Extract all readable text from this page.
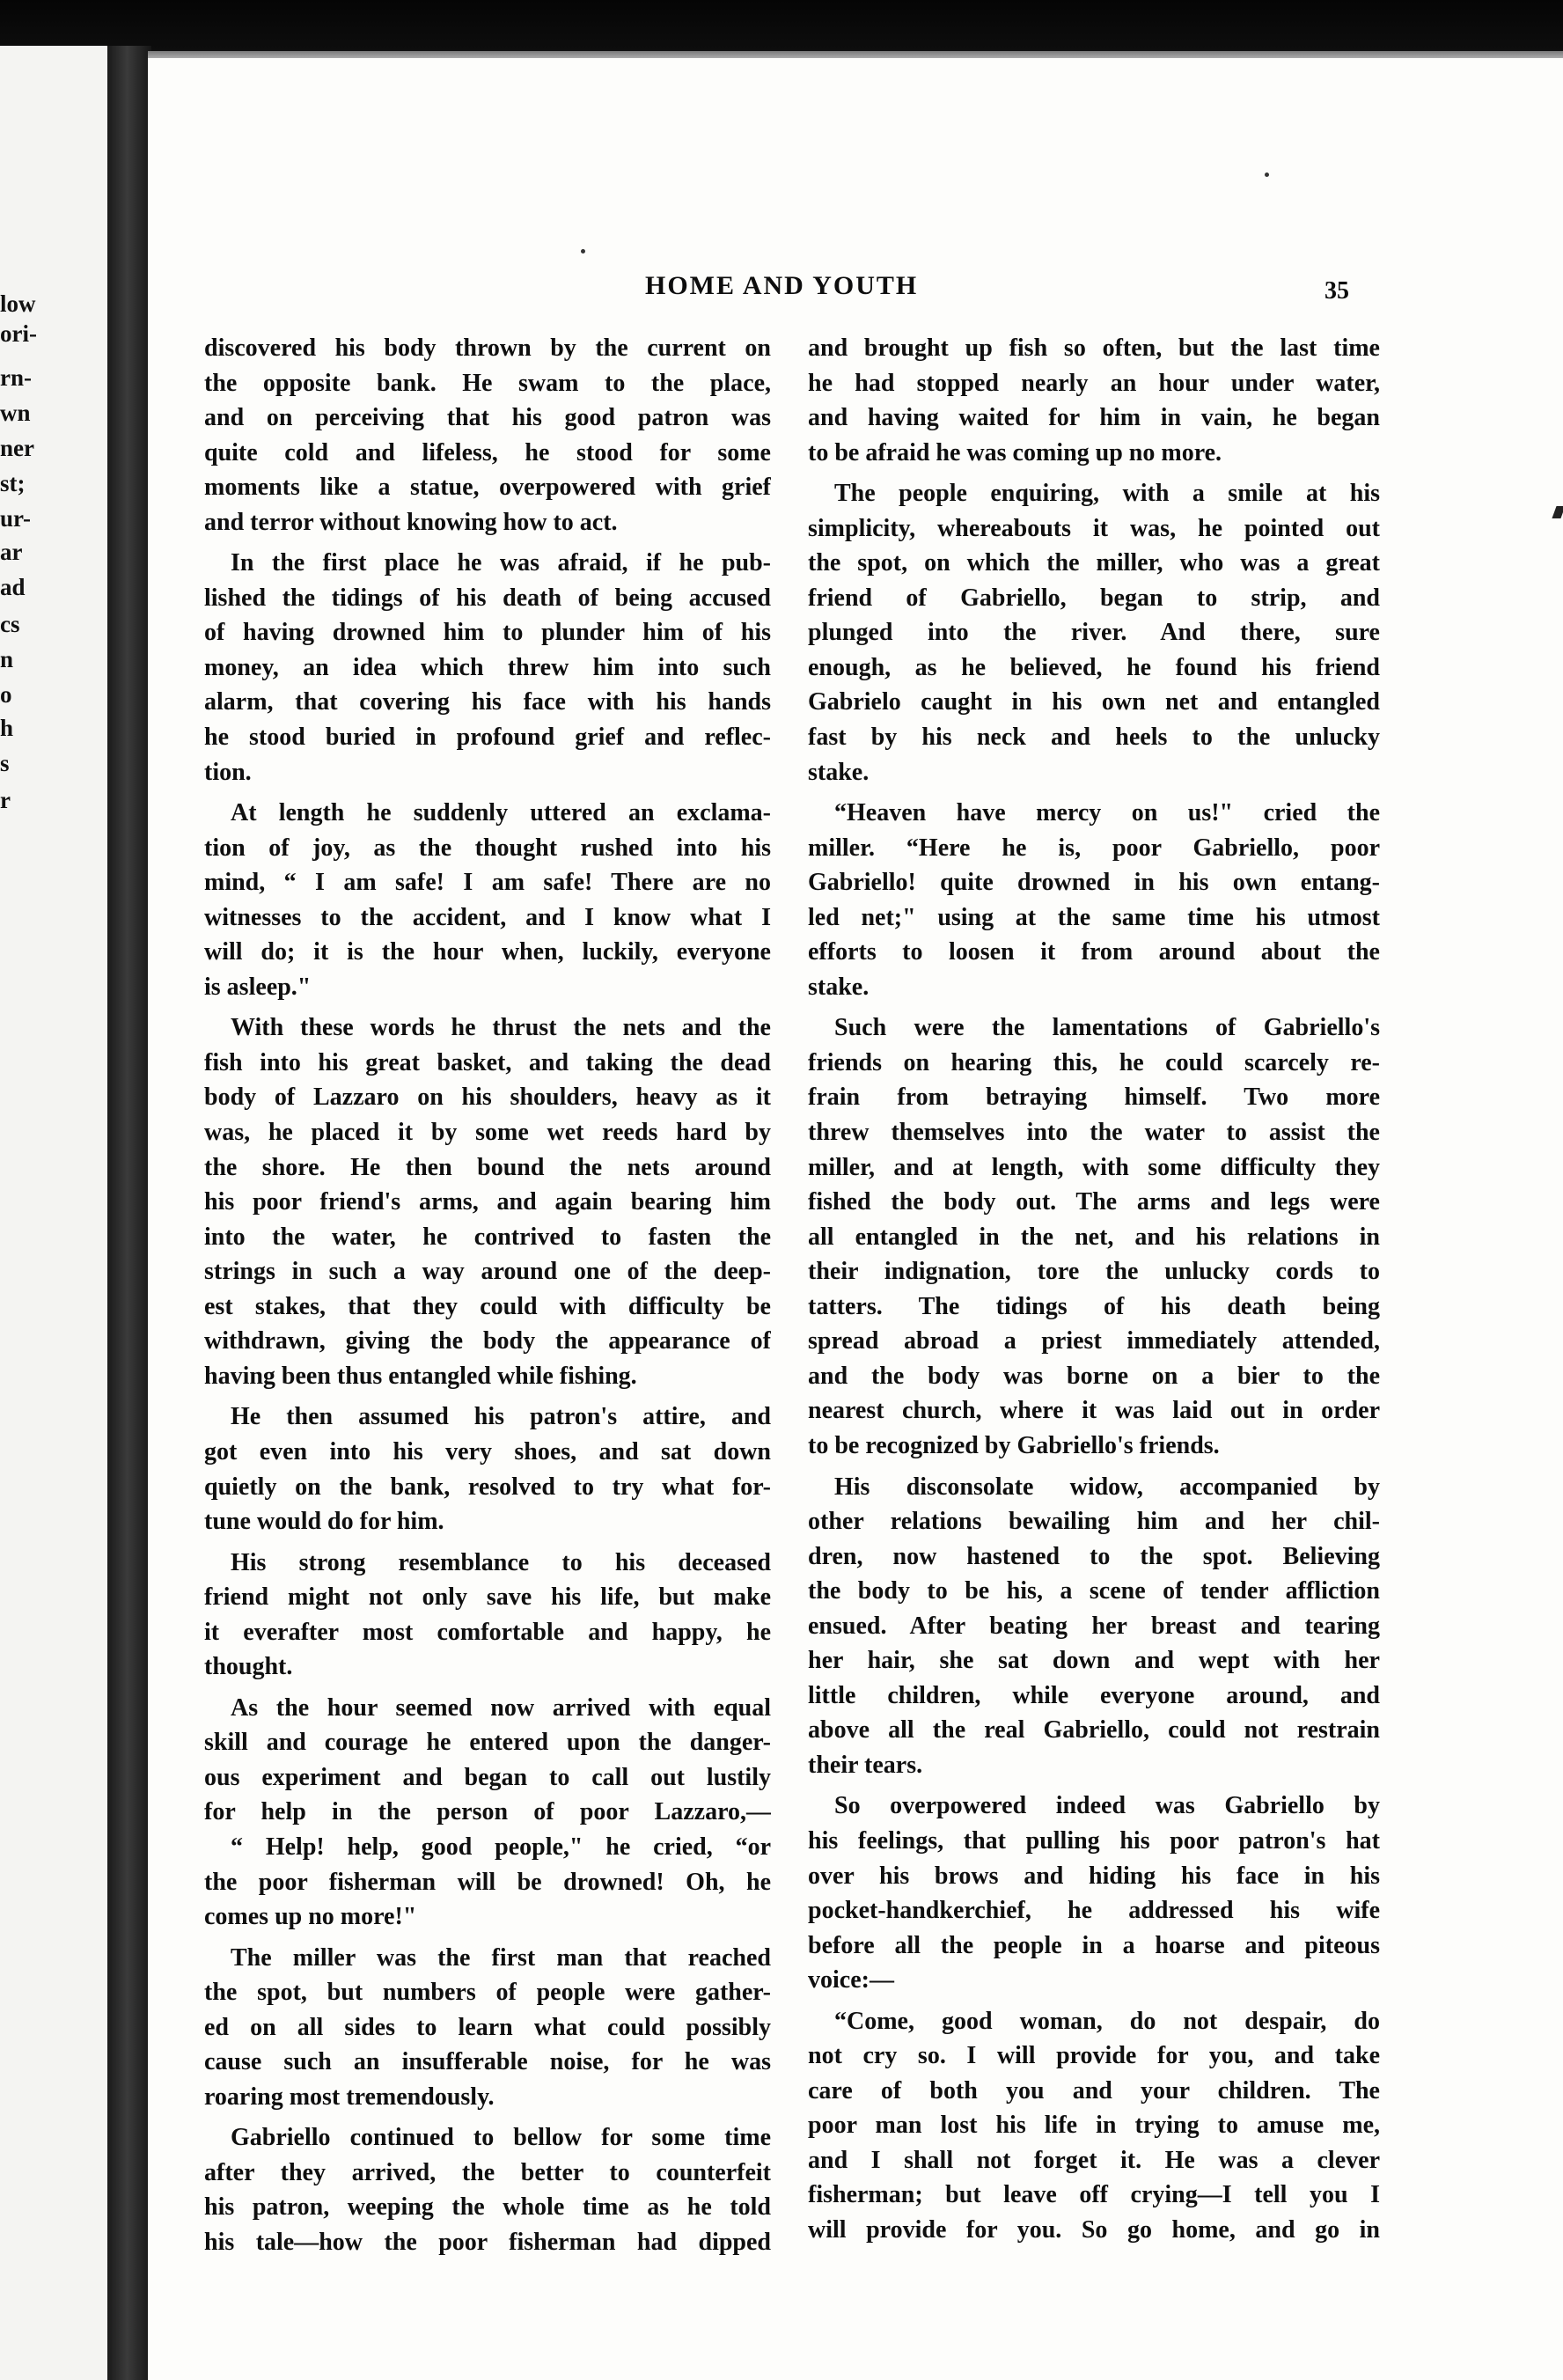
low
ori-
rn-
wn
ner
st;
ur-
ar
ad
cs
n
o
h
s
r
HOME AND YOUTH	35
discovered his body thrown by the current on
the opposite bank. He swam to the place,
and on perceiving that his good patron was
quite cold and lifeless, he stood for some
moments like a statue, overpowered with grief
and terror without knowing how to act.
In the first place he was afraid, if he pub-
lished the tidings of his death of being accused
of having drowned him to plunder him of his
money, an idea which threw him into such
alarm, that covering his face with his hands
he stood buried in profound grief and reflec-
tion.
At length he suddenly uttered an exclama-
tion of joy, as the thought rushed into his
mind, “ I am safe! I am safe! There are no
witnesses to the accident, and I know what I
will do; it is the hour when, luckily, everyone
is asleep."
With these words he thrust the nets and the
fish into his great basket, and taking the dead
body of Lazzaro on his shoulders, heavy as it
was, he placed it by some wet reeds hard by
the shore. He then bound the nets around
his poor friend's arms, and again bearing him
into the water, he contrived to fasten the
strings in such a way around one of the deep-
est stakes, that they could with difficulty be
withdrawn, giving the body the appearance of
having been thus entangled while fishing.
He then assumed his patron's attire, and
got even into his very shoes, and sat down
quietly on the bank, resolved to try what for-
tune would do for him.
His strong resemblance to his deceased
friend might not only save his life, but make
it everafter most comfortable and happy, he
thought.
As the hour seemed now arrived with equal
skill and courage he entered upon the danger-
ous experiment and began to call out lustily
for help in the person of poor Lazzaro,—
“ Help! help, good people," he cried, “or
the poor fisherman will be drowned! Oh, he
comes up no more!"
The miller was the first man that reached
the spot, but numbers of people were gather-
ed on all sides to learn what could possibly
cause such an insufferable noise, for he was
roaring most tremendously.
Gabriello continued to bellow for some time
after they arrived, the better to counterfeit
his patron, weeping the whole time as he told
his tale—how the poor fisherman had dipped
and brought up fish so often, but the last time
he had stopped nearly an hour under water,
and having waited for him in vain, he began
to be afraid he was coming up no more.
The people enquiring, with a smile at his
simplicity, whereabouts it was, he pointed out
the spot, on which the miller, who was a great
friend of Gabriello, began to strip, and
plunged into the river. And there, sure
enough, as he believed, he found his friend
Gabrielo caught in his own net and entangled
fast by his neck and heels to the unlucky
stake.
“Heaven have mercy on us!" cried the
miller. “Here he is, poor Gabriello, poor
Gabriello! quite drowned in his own entang-
led net;" using at the same time his utmost
efforts to loosen it from around about the
stake.
Such were the lamentations of Gabriello's
friends on hearing this, he could scarcely re-
frain from betraying himself. Two more
threw themselves into the water to assist the
miller, and at length, with some difficulty they
fished the body out. The arms and legs were
all entangled in the net, and his relations in
their indignation, tore the unlucky cords to
tatters. The tidings of his death being
spread abroad a priest immediately attended,
and the body was borne on a bier to the
nearest church, where it was laid out in order
to be recognized by Gabriello's friends.
His disconsolate widow, accompanied by
other relations bewailing him and her chil-
dren, now hastened to the spot. Believing
the body to be his, a scene of tender affliction
ensued. After beating her breast and tearing
her hair, she sat down and wept with her
little children, while everyone around, and
above all the real Gabriello, could not restrain
their tears.
So overpowered indeed was Gabriello by
his feelings, that pulling his poor patron's hat
over his brows and hiding his face in his
pocket-handkerchief, he addressed his wife
before all the people in a hoarse and piteous
voice:—
“Come, good woman, do not despair, do
not cry so. I will provide for you, and take
care of both you and your children. The
poor man lost his life in trying to amuse me,
and I shall not forget it. He was a clever
fisherman; but leave off crying—I tell you I
will provide for you. So go home, and go in
